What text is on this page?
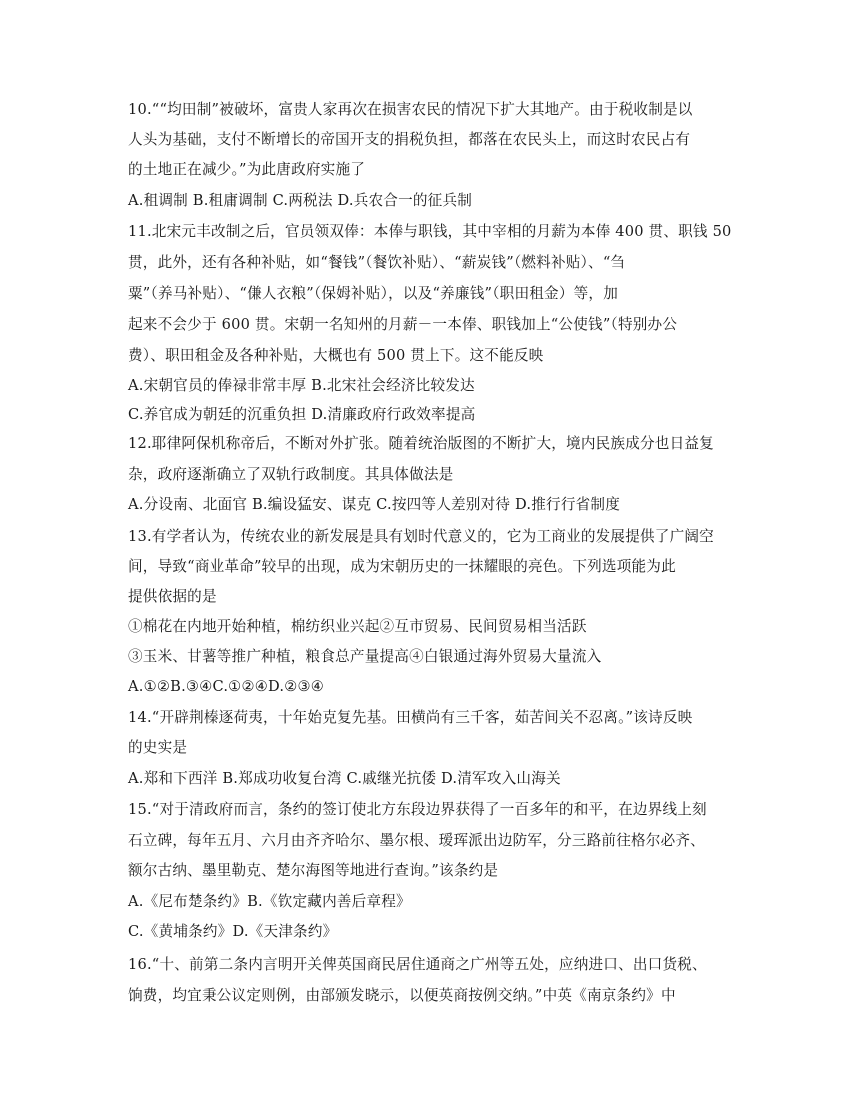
10.““均田制”被破坏，富贵人家再次在损害农民的情况下扩大其地产。由于税收制是以
人头为基础，支付不断增长的帝国开支的捐税负担，都落在农民头上，而这时农民占有
的土地正在减少。”为此唐政府实施了
A.租调制 B.租庸调制 C.两税法 D.兵农合一的征兵制
11.北宋元丰改制之后，官员领双俸：本俸与职钱，其中宰相的月薪为本俸 400 贯、职钱 50
贯，此外，还有各种补贴，如“餐钱”（餐饮补贴）、“薪炭钱”（燃料补贴）、“刍
粟”（养马补贴）、“傔人衣粮”（保姆补贴），以及“养廉钱”（职田租金）等，加
起来不会少于 600 贯。宋朝一名知州的月薪－一本俸、职钱加上“公使钱”（特别办公
费）、职田租金及各种补贴，大概也有 500 贯上下。这不能反映
A.宋朝官员的俸禄非常丰厚 B.北宋社会经济比较发达
C.养官成为朝廷的沉重负担 D.清廉政府行政效率提高
12.耶律阿保机称帝后，不断对外扩张。随着统治版图的不断扩大，境内民族成分也日益复
杂，政府逐渐确立了双轨行政制度。其具体做法是
A.分设南、北面官 B.编设猛安、谋克 C.按四等人差别对待 D.推行行省制度
13.有学者认为，传统农业的新发展是具有划时代意义的，它为工商业的发展提供了广阔空
间，导致“商业革命”较早的出现，成为宋朝历史的一抹耀眼的亮色。下列选项能为此
提供依据的是
①棉花在内地开始种植，棉纺织业兴起②互市贸易、民间贸易相当活跃
③玉米、甘薯等推广种植，粮食总产量提高④白银通过海外贸易大量流入
A.①②B.③④C.①②④D.②③④
14.“开辟荆榛逐荷夷，十年始克复先基。田横尚有三千客，茹苦间关不忍离。”该诗反映
的史实是
A.郑和下西洋 B.郑成功收复台湾 C.戚继光抗倭 D.清军攻入山海关
15.“对于清政府而言，条约的签订使北方东段边界获得了一百多年的和平，在边界线上刻
石立碑，每年五月、六月由齐齐哈尔、墨尔根、瑷珲派出边防军，分三路前往格尔必齐、
额尔古纳、墨里勒克、楚尔海图等地进行查询。”该条约是
A.《尼布楚条约》B.《钦定藏内善后章程》
C.《黄埔条约》D.《天津条约》
16.“十、前第二条内言明开关俾英国商民居住通商之广州等五处，应纳进口、出口货税、
饷费，均宜秉公议定则例，由部颁发晓示，以便英商按例交纳。”中英《南京条约》中
